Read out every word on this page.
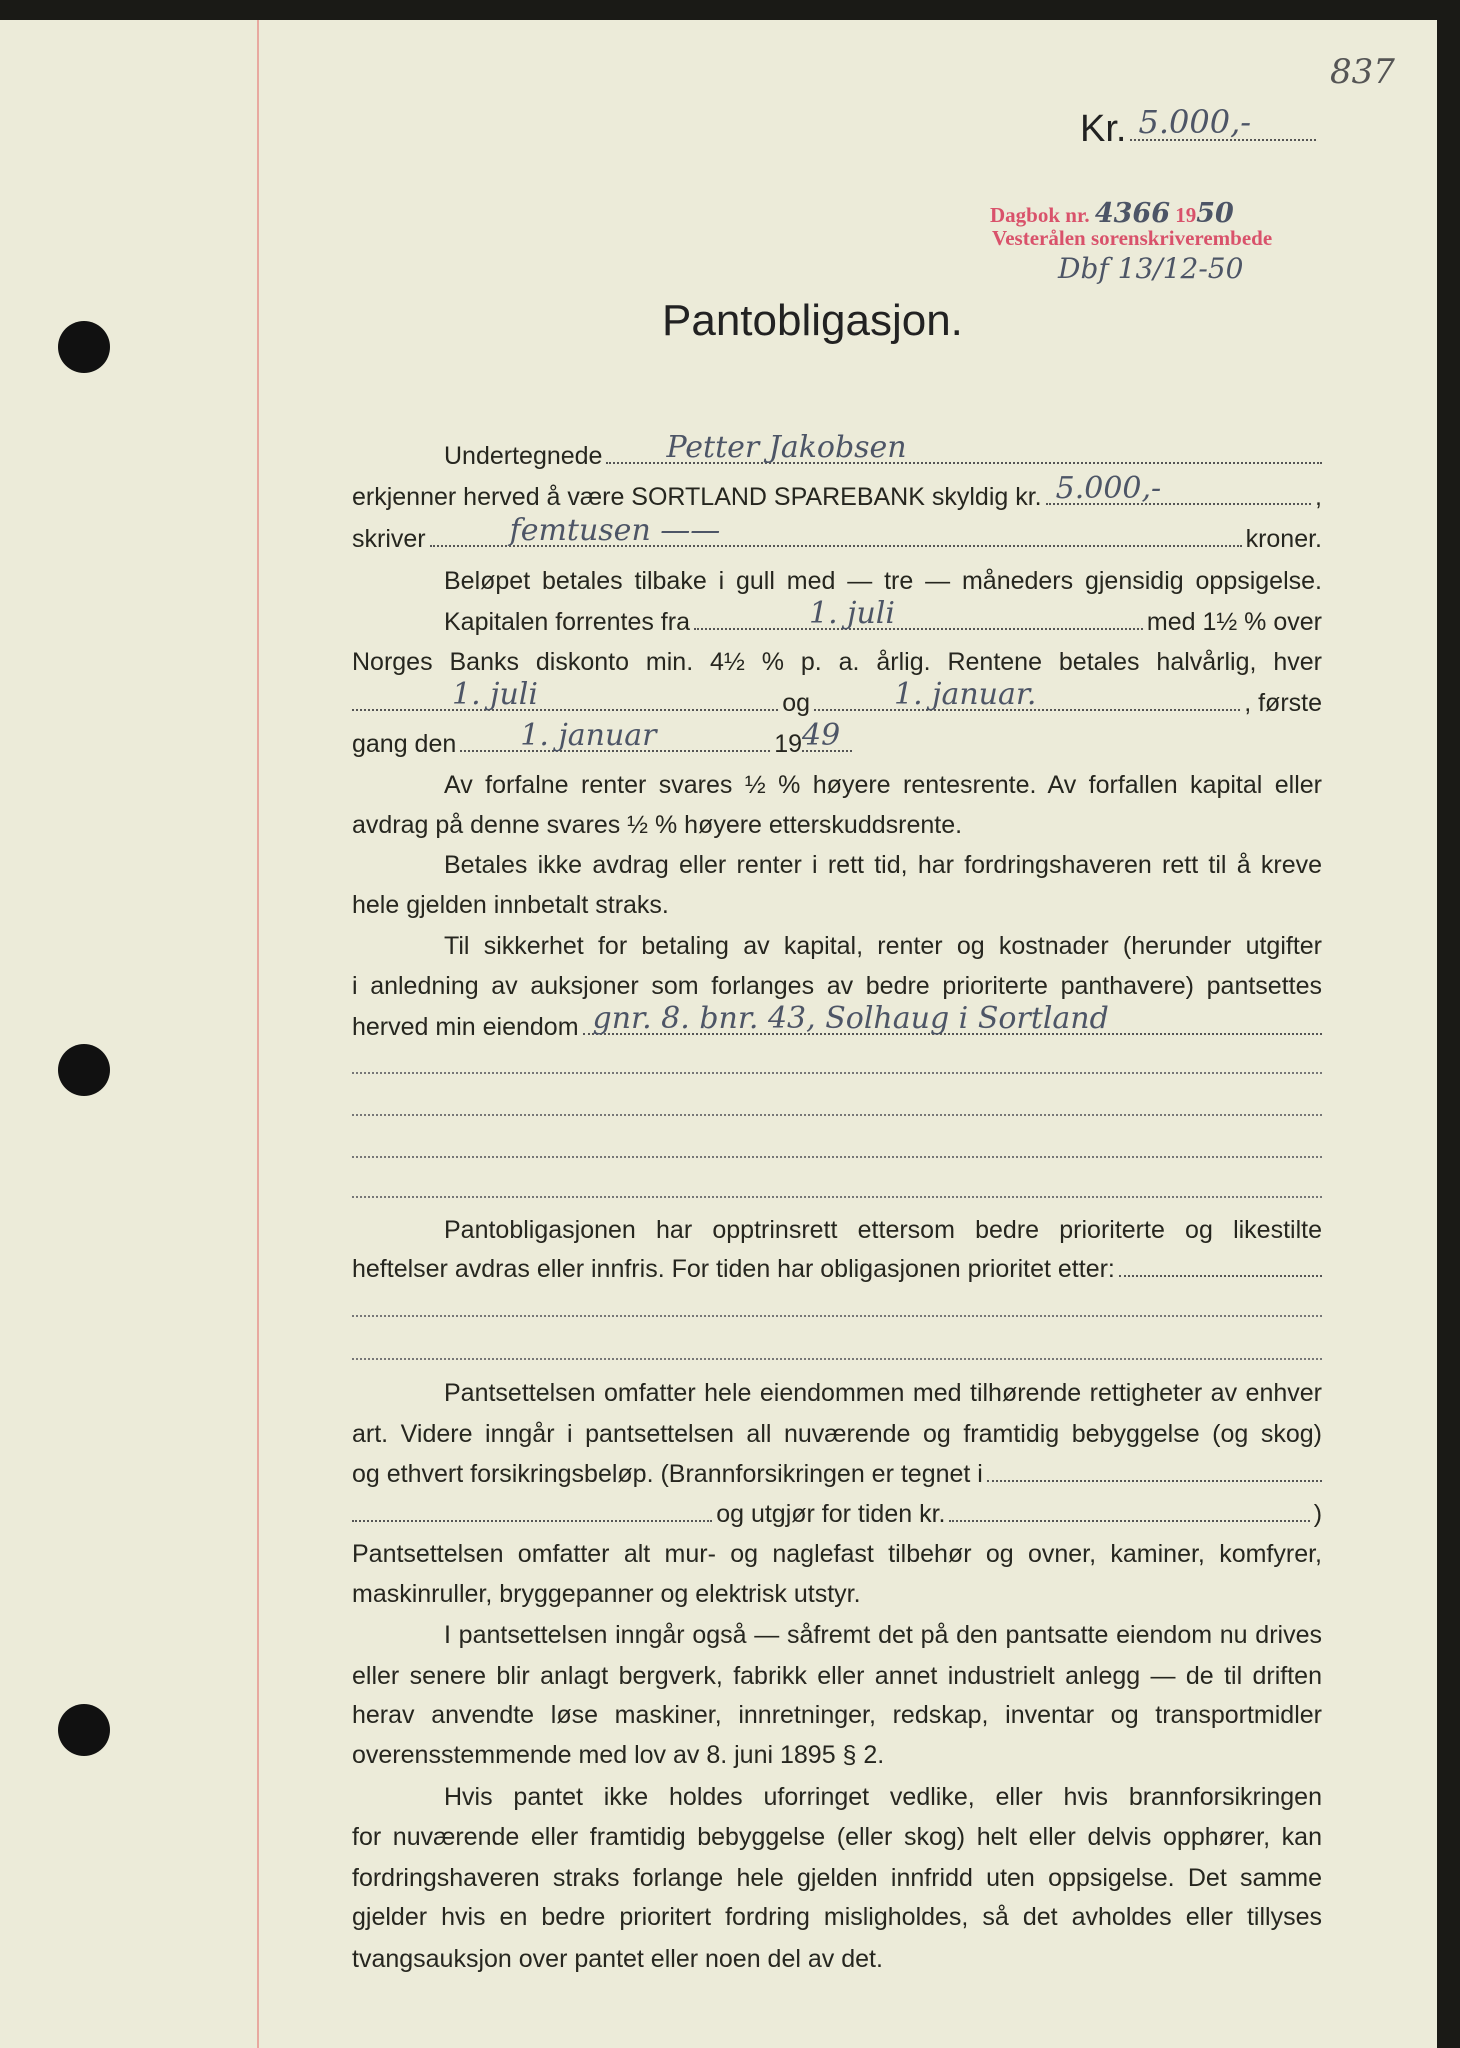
837
Kr. 5.000,-
Dagbok nr. 4366 1950
Vesterålen sorenskriverembede
Dbf 13/12-50
Pantobligasjon.
Undertegnede Petter Jakobsen
erkjenner herved å være SORTLAND SPAREBANK skyldig kr. 5.000,-	,
skriver	femtusen ——	kroner.
Beløpet betales tilbake i gull med — tre — måneders gjensidig oppsigelse.
Kapitalen forrentes fra	1. juli	med 1½ % over
Norges Banks diskonto min. 4½ % p. a. årlig. Rentene betales halvårlig, hver
1. juli	og	1. januar.	, første
gang den 1. januar	19 49
Av forfalne renter svares ½ % høyere rentesrente. Av forfallen kapital eller
avdrag på denne svares ½ % høyere etterskuddsrente.
Betales ikke avdrag eller renter i rett tid, har fordringshaveren rett til å kreve
hele gjelden innbetalt straks.
Til sikkerhet for betaling av kapital, renter og kostnader (herunder utgifter
i anledning av auksjoner som forlanges av bedre prioriterte panthavere) pantsettes
herved min eiendom gnr. 8. bnr. 43, Solhaug i Sortland
Pantobligasjonen har opptrinsrett ettersom bedre prioriterte og likestilte
heftelser avdras eller innfris. For tiden har obligasjonen prioritet etter:
Pantsettelsen omfatter hele eiendommen med tilhørende rettigheter av enhver
art. Videre inngår i pantsettelsen all nuværende og framtidig bebyggelse (og skog)
og ethvert forsikringsbeløp. (Brannforsikringen er tegnet i
og utgjør for tiden kr.	)
Pantsettelsen omfatter alt mur- og naglefast tilbehør og ovner, kaminer, komfyrer,
maskinruller, bryggepanner og elektrisk utstyr.
I pantsettelsen inngår også — såfremt det på den pantsatte eiendom nu drives
eller senere blir anlagt bergverk, fabrikk eller annet industrielt anlegg — de til driften
herav anvendte løse maskiner, innretninger, redskap, inventar og transportmidler
overensstemmende med lov av 8. juni 1895 § 2.
Hvis pantet ikke holdes uforringet vedlike, eller hvis brannforsikringen
for nuværende eller framtidig bebyggelse (eller skog) helt eller delvis opphører, kan
fordringshaveren straks forlange hele gjelden innfridd uten oppsigelse. Det samme
gjelder hvis en bedre prioritert fordring misligholdes, så det avholdes eller tillyses
tvangsauksjon over pantet eller noen del av det.
